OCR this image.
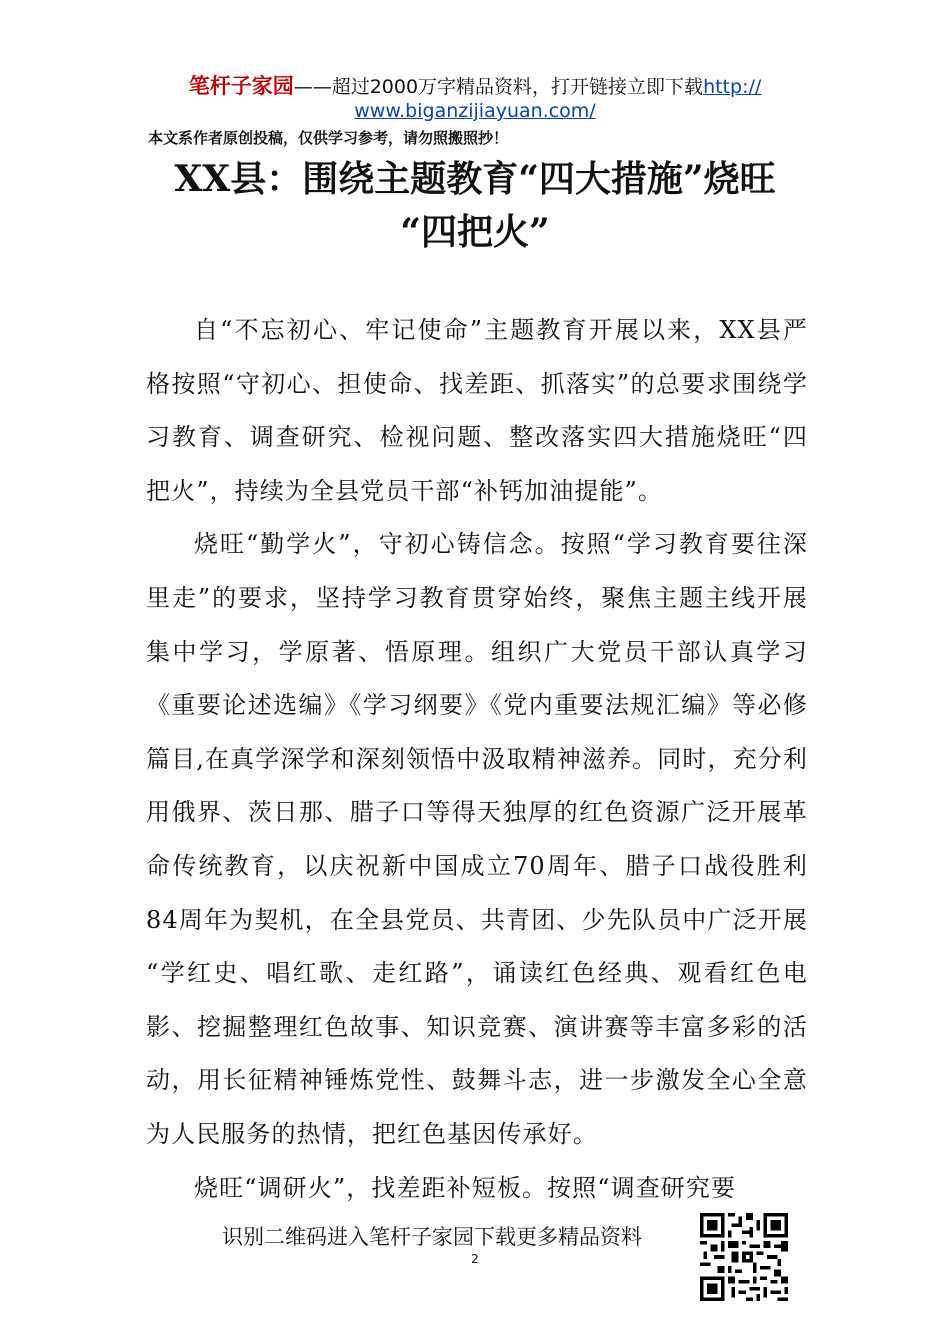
笔杆子家园——超过2000万字精品资料，打开链接立即下载http://
www.biganzijiayuan.com/
本文系作者原创投稿，仅供学习参考，请勿照搬照抄！
XX县：围绕主题教育“四大措施”烧旺
“四把火”

自“不忘初心、牢记使命”主题教育开展以来，XX县严格按照“守初心、担使命、找差距、抓落实”的总要求围绕学习教育、调查研究、检视问题、整改落实四大措施烧旺“四把火”，持续为全县党员干部“补钙加油提能”。

烧旺“勤学火”，守初心铸信念。按照“学习教育要往深里走”的要求，坚持学习教育贯穿始终，聚焦主题主线开展集中学习，学原著、悟原理。组织广大党员干部认真学习《重要论述选编》《学习纲要》《党内重要法规汇编》等必修篇目,在真学深学和深刻领悟中汲取精神滋养。同时，充分利用俄界、茨日那、腊子口等得天独厚的红色资源广泛开展革命传统教育，以庆祝新中国成立70周年、腊子口战役胜利84周年为契机，在全县党员、共青团、少先队员中广泛开展 “学红史、唱红歌、走红路”，诵读红色经典、观看红色电影、挖掘整理红色故事、知识竞赛、演讲赛等丰富多彩的活动，用长征精神锤炼党性、鼓舞斗志，进一步激发全心全意为人民服务的热情，把红色基因传承好。

烧旺“调研火”，找差距补短板。按照“调查研究要

识别二维码进入笔杆子家园下载更多精品资料
2
